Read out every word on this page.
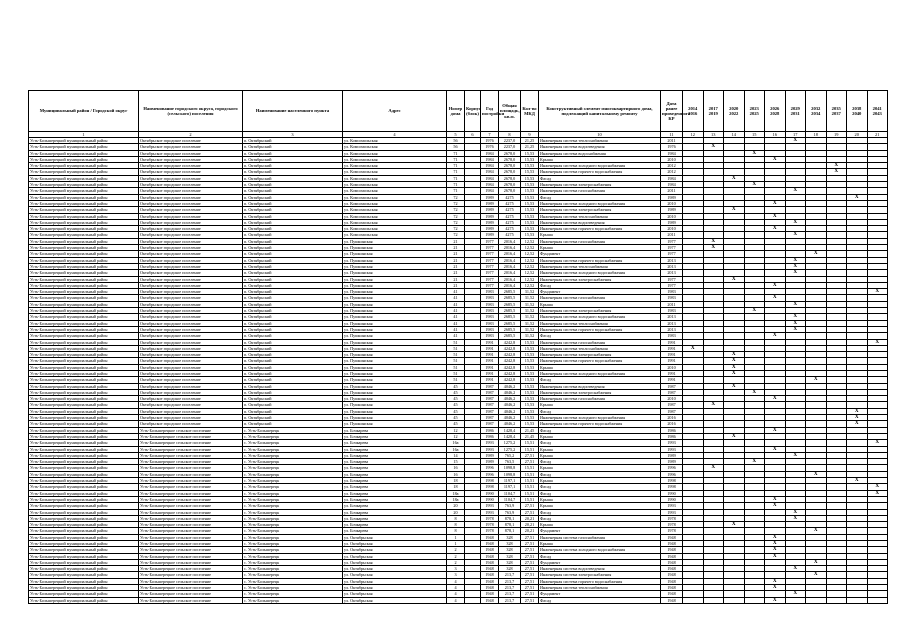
Муниципальный район / Городской округ	Наименование городского округа, городского (сельского) поселения	Наименование населенного пункта	Адрес	Номер дома	Корпус (блок)	Год постройки	Общая площадь, кв.м.	Кол-во МКД	Конструктивный элемент многоквартирного дома, подлежащий капитальному ремонту	Дата ранее проведенного КР	2014 2016	2017 2019	2020 2022	2023 2025	2026 2028	2029 2031	2032 2034	2035 2037	2038 2040	2041 2043
1	2	3	4	5	6	7	8	9	10	11	12	13	14	15	16	17	18	19	20	21
Усть-Большерецкий муниципальный район	Октябрьское городское поселение	п. Октябрьский	ул. Комсомольская	56		1976	2237,0	21,25	Инженерная система теплоснабжения	2011						X				
Усть-Большерецкий муниципальный район	Октябрьское городское поселение	п. Октябрьский	ул. Комсомольская	56		1976	2237,0	21,25	Инженерная система водоотведения	1976		X								
Усть-Большерецкий муниципальный район	Октябрьское городское поселение	п. Октябрьский	ул. Комсомольская	71		1984	2678,0	15,53	Инженерная система водоснабжения	1984				X						
Усть-Большерецкий муниципальный район	Октябрьское городское поселение	п. Октябрьский	ул. Комсомольская	71		1984	2678,0	15,53	Крыша	2010					X					
Усть-Большерецкий муниципальный район	Октябрьское городское поселение	п. Октябрьский	ул. Комсомольская	71		1984	2678,0	15,53	Инженерная система холодного водоснабжения	2012								X		
Усть-Большерецкий муниципальный район	Октябрьское городское поселение	п. Октябрьский	ул. Комсомольская	71		1984	2678,0	15,53	Инженерная система горячего водоснабжения	2012								X		
Усть-Большерецкий муниципальный район	Октябрьское городское поселение	п. Октябрьский	ул. Комсомольская	71		1984	2678,0	15,53	Фасад	1984			X							
Усть-Большерецкий муниципальный район	Октябрьское городское поселение	п. Октябрьский	ул. Комсомольская	71		1984	2678,0	15,53	Инженерная система электроснабжения	1984				X						
Усть-Большерецкий муниципальный район	Октябрьское городское поселение	п. Октябрьский	ул. Комсомольская	71		1984	2678,0	15,53	Инженерная система газоснабжения	2011						X				
Усть-Большерецкий муниципальный район	Октябрьское городское поселение	п. Октябрьский	ул. Комсомольская	72		1989	4275	15,53	Фасад	1989									X	
Усть-Большерецкий муниципальный район	Октябрьское городское поселение	п. Октябрьский	ул. Комсомольская	72		1989	4275	15,53	Инженерная система холодного водоснабжения	2010					X					
Усть-Большерецкий муниципальный район	Октябрьское городское поселение	п. Октябрьский	ул. Комсомольская	72		1989	4275	15,53	Инженерная система электроснабжения	1989			X							
Усть-Большерецкий муниципальный район	Октябрьское городское поселение	п. Октябрьский	ул. Комсомольская	72		1989	4275	15,53	Инженерная система теплоснабжения	2010					X					
Усть-Большерецкий муниципальный район	Октябрьское городское поселение	п. Октябрьский	ул. Комсомольская	72		1989	4275	15,53	Инженерная система водоотведения	1989						X				
Усть-Большерецкий муниципальный район	Октябрьское городское поселение	п. Октябрьский	ул. Комсомольская	72		1989	4275	15,53	Инженерная система горячего водоснабжения	2010					X					
Усть-Большерецкий муниципальный район	Октябрьское городское поселение	п. Октябрьский	ул. Комсомольская	72		1989	4275	15,53	Крыша	2011						X				
Усть-Большерецкий муниципальный район	Октябрьское городское поселение	п. Октябрьский	ул. Пушкинская	21		1977	2016,4	12,52	Инженерная система газоснабжения	1977		X								
Усть-Большерецкий муниципальный район	Октябрьское городское поселение	п. Октябрьский	ул. Пушкинская	21		1977	2016,4	12,52	Крыша	1977		X								
Усть-Большерецкий муниципальный район	Октябрьское городское поселение	п. Октябрьский	ул. Пушкинская	21		1977	2016,4	12,52	Фундамент	1977							X			
Усть-Большерецкий муниципальный район	Октябрьское городское поселение	п. Октябрьский	ул. Пушкинская	21		1977	2016,4	12,52	Инженерная система горячего водоснабжения	2013						X				
Усть-Большерецкий муниципальный район	Октябрьское городское поселение	п. Октябрьский	ул. Пушкинская	21		1977	2016,4	12,52	Инженерная система теплоснабжения	2013						X				
Усть-Большерецкий муниципальный район	Октябрьское городское поселение	п. Октябрьский	ул. Пушкинская	21		1977	2016,4	12,52	Инженерная система холодного водоснабжения	2013						X				
Усть-Большерецкий муниципальный район	Октябрьское городское поселение	п. Октябрьский	ул. Пушкинская	21		1977	2016,4	12,52	Инженерная система электроснабжения	1977			X							
Усть-Большерецкий муниципальный район	Октябрьское городское поселение	п. Октябрьский	ул. Пушкинская	21		1977	2016,4	12,52	Фасад	1977					X					
Усть-Большерецкий муниципальный район	Октябрьское городское поселение	п. Октябрьский	ул. Пушкинская	41		1983	2685,5	31,52	Фундамент	1983										X
Усть-Большерецкий муниципальный район	Октябрьское городское поселение	п. Октябрьский	ул. Пушкинская	41		1983	2685,5	31,52	Инженерная система газоснабжения	1983					X					
Усть-Большерецкий муниципальный район	Октябрьское городское поселение	п. Октябрьский	ул. Пушкинская	41		1983	2685,5	31,52	Крыша	2011						X				
Усть-Большерецкий муниципальный район	Октябрьское городское поселение	п. Октябрьский	ул. Пушкинская	41		1983	2685,5	31,52	Инженерная система электроснабжения	1983				X						
Усть-Большерецкий муниципальный район	Октябрьское городское поселение	п. Октябрьский	ул. Пушкинская	41		1983	2685,5	31,52	Инженерная система холодного водоснабжения	2013						X				
Усть-Большерецкий муниципальный район	Октябрьское городское поселение	п. Октябрьский	ул. Пушкинская	41		1983	2685,5	31,52	Инженерная система теплоснабжения	2013						X				
Усть-Большерецкий муниципальный район	Октябрьское городское поселение	п. Октябрьский	ул. Пушкинская	41		1983	2685,5	31,52	Инженерная система горячего водоснабжения	2013						X				
Усть-Большерецкий муниципальный район	Октябрьское городское поселение	п. Октябрьский	ул. Пушкинская	41		1983	2685,5	31,52	Фасад	1983					X					
Усть-Большерецкий муниципальный район	Октябрьское городское поселение	п. Октябрьский	ул. Пушкинская	51		1991	4242,8	15,53	Инженерная система газоснабжения	1991										X
Усть-Большерецкий муниципальный район	Октябрьское городское поселение	п. Октябрьский	ул. Пушкинская	51		1991	4242,8	15,53	Инженерная система теплоснабжения	1991	X									
Усть-Большерецкий муниципальный район	Октябрьское городское поселение	п. Октябрьский	ул. Пушкинская	51		1991	4242,8	15,53	Инженерная система электроснабжения	1991			X							
Усть-Большерецкий муниципальный район	Октябрьское городское поселение	п. Октябрьский	ул. Пушкинская	51		1991	4242,8	15,53	Инженерная система горячего водоснабжения	1991			X							
Усть-Большерецкий муниципальный район	Октябрьское городское поселение	п. Октябрьский	ул. Пушкинская	51		1991	4242,8	15,53	Крыша	2010			X							
Усть-Большерецкий муниципальный район	Октябрьское городское поселение	п. Октябрьский	ул. Пушкинская	51		1991	4242,8	15,53	Инженерная система холодного водоснабжения	1991			X							
Усть-Большерецкий муниципальный район	Октябрьское городское поселение	п. Октябрьский	ул. Пушкинская	51		1991	4242,8	15,53	Фасад	1991							X			
Усть-Большерецкий муниципальный район	Октябрьское городское поселение	п. Октябрьский	ул. Пушкинская	45		1987	4046,2	15,53	Инженерная система водоотведения	1987			X							
Усть-Большерецкий муниципальный район	Октябрьское городское поселение	п. Октябрьский	ул. Пушкинская	45		1987	4046,2	15,53	Инженерная система электроснабжения	1987				X						
Усть-Большерецкий муниципальный район	Октябрьское городское поселение	п. Октябрьский	ул. Пушкинская	45		1987	4046,2	15,53	Инженерная система газоснабжения	2010					X					
Усть-Большерецкий муниципальный район	Октябрьское городское поселение	п. Октябрьский	ул. Пушкинская	45		1987	4046,2	15,53	Крыша	1987		X								
Усть-Большерецкий муниципальный район	Октябрьское городское поселение	п. Октябрьский	ул. Пушкинская	45		1987	4046,2	15,53	Фасад	1987									X	
Усть-Большерецкий муниципальный район	Октябрьское городское поселение	п. Октябрьский	ул. Пушкинская	45		1987	4046,2	15,53	Инженерная система холодного водоснабжения	2016									X	
Усть-Большерецкий муниципальный район	Октябрьское городское поселение	п. Октябрьский	ул. Пушкинская	45		1987	4046,2	15,53	Инженерная система горячего водоснабжения	2016									X	
Усть-Большерецкий муниципальный район	Усть-Большерецкое сельское поселение	с. Усть-Большерецк	ул. Бочкарева	12		1986	1428,4	21,45	Фасад	1986					X					
Усть-Большерецкий муниципальный район	Усть-Большерецкое сельское поселение	с. Усть-Большерецк	ул. Бочкарева	12		1986	1428,4	21,45	Крыша	1986			X							
Усть-Большерецкий муниципальный район	Усть-Большерецкое сельское поселение	с. Усть-Большерецк	ул. Бочкарева	16а		1993	1275,2	15,51	Фасад	1993										X
Усть-Большерецкий муниципальный район	Усть-Большерецкое сельское поселение	с. Усть-Большерецк	ул. Бочкарева	16а		1993	1275,2	15,51	Крыша	1993					X					
Усть-Большерецкий муниципальный район	Усть-Большерецкое сельское поселение	с. Усть-Большерецк	ул. Бочкарева	14		1989	765,2	27,51	Крыша	1989						X				
Усть-Большерецкий муниципальный район	Усть-Большерецкое сельское поселение	с. Усть-Большерецк	ул. Бочкарева	15		1989	763,5	27,51	Фасад	1989				X						
Усть-Большерецкий муниципальный район	Усть-Большерецкое сельское поселение	с. Усть-Большерецк	ул. Бочкарева	16		1996	1098,8	15,51	Крыша	1996		X								
Усть-Большерецкий муниципальный район	Усть-Большерецкое сельское поселение	с. Усть-Большерецк	ул. Бочкарева	16		1996	1098,8	15,51	Фасад	1996							X			
Усть-Большерецкий муниципальный район	Усть-Большерецкое сельское поселение	с. Усть-Большерецк	ул. Бочкарева	18		1998	1197,1	15,51	Крыша	1998									X	
Усть-Большерецкий муниципальный район	Усть-Большерецкое сельское поселение	с. Усть-Большерецк	ул. Бочкарева	18		1998	1197,1	15,51	Фасад	1998										X
Усть-Большерецкий муниципальный район	Усть-Большерецкое сельское поселение	с. Усть-Большерецк	ул. Бочкарева	18а		1990	1104,7	15,51	Фасад	1990										X
Усть-Большерецкий муниципальный район	Усть-Большерецкое сельское поселение	с. Усть-Большерецк	ул. Бочкарева	18а		1990	1104,7	15,51	Крыша	1990					X					
Усть-Большерецкий муниципальный район	Усть-Большерецкое сельское поселение	с. Усть-Большерецк	ул. Бочкарева	20		1993	763,9	27,51	Крыша	1993					X					
Усть-Большерецкий муниципальный район	Усть-Большерецкое сельское поселение	с. Усть-Большерецк	ул. Бочкарева	20		1993	763,9	27,51	Фасад	1993						X				
Усть-Большерецкий муниципальный район	Усть-Большерецкое сельское поселение	с. Усть-Большерецк	ул. Бочкарева	8		1978	878,1	20,21	Фасад	1978						X				
Усть-Большерецкий муниципальный район	Усть-Большерецкое сельское поселение	с. Усть-Большерецк	ул. Бочкарева	8		1978	878,1	20,21	Крыша	1978			X							
Усть-Большерецкий муниципальный район	Усть-Большерецкое сельское поселение	с. Усть-Большерецк	ул. Бочкарева	8		1978	878,1	20,21	Фундамент	1978							X			
Усть-Большерецкий муниципальный район	Усть-Большерецкое сельское поселение	с. Усть-Большерецк	ул. Октябрьская	1		1948	328	27,51	Инженерная система газоснабжения	1948					X					
Усть-Большерецкий муниципальный район	Усть-Большерецкое сельское поселение	с. Усть-Большерецк	ул. Октябрьская	1		1948	328	27,51	Крыша	1948					X					
Усть-Большерецкий муниципальный район	Усть-Большерецкое сельское поселение	с. Усть-Большерецк	ул. Октябрьская	2		1948	328	27,51	Инженерная система холодного водоснабжения	1948					X					
Усть-Большерецкий муниципальный район	Усть-Большерецкое сельское поселение	с. Усть-Большерецк	ул. Октябрьская	2		1948	328	27,51	Фасад	1948					X					
Усть-Большерецкий муниципальный район	Усть-Большерецкое сельское поселение	с. Усть-Большерецк	ул. Октябрьская	2		1948	328	27,51	Фундамент	1948							X			
Усть-Большерецкий муниципальный район	Усть-Большерецкое сельское поселение	с. Усть-Большерецк	ул. Октябрьская	3		1948	328	27,51	Инженерная система водоотведения	1948						X				
Усть-Большерецкий муниципальный район	Усть-Большерецкое сельское поселение	с. Усть-Большерецк	ул. Октябрьская	3		1948	213,7	27,51	Инженерная система электроснабжения	1948							X			
Усть-Большерецкий муниципальный район	Усть-Большерецкое сельское поселение	с. Усть-Большерецк	ул. Октябрьская	4		1948	213,7	27,51	Инженерная система горячего водоснабжения	1948					X					
Усть-Большерецкий муниципальный район	Усть-Большерецкое сельское поселение	с. Усть-Большерецк	ул. Октябрьская	4		1948	213,7	27,51	Инженерная система теплоснабжения	1948					X					
Усть-Большерецкий муниципальный район	Усть-Большерецкое сельское поселение	с. Усть-Большерецк	ул. Октябрьская	4		1948	213,7	27,51	Фундамент	1948						X				
Усть-Большерецкий муниципальный район	Усть-Большерецкое сельское поселение	с. Усть-Большерецк	ул. Октябрьская	4		1948	213,7	27,51	Фасад	1948					X					
